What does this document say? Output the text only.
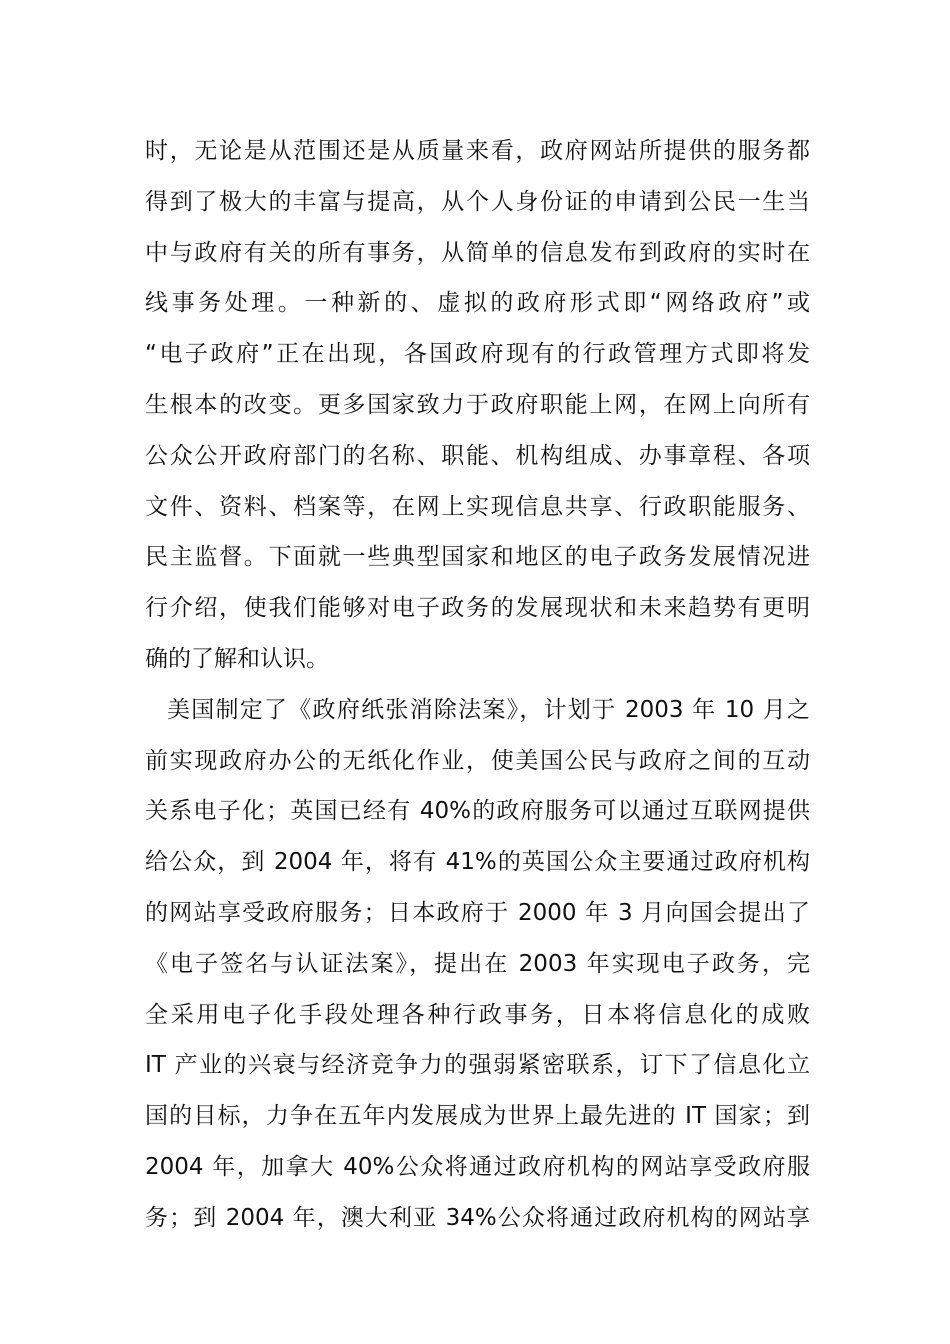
时，无论是从范围还是从质量来看，政府网站所提供的服务都
得到了极大的丰富与提高，从个人身份证的申请到公民一生当
中与政府有关的所有事务，从简单的信息发布到政府的实时在
线事务处理。一种新的、虚拟的政府形式即“网络政府”或
“电子政府”正在出现，各国政府现有的行政管理方式即将发
生根本的改变。更多国家致力于政府职能上网，在网上向所有
公众公开政府部门的名称、职能、机构组成、办事章程、各项
文件、资料、档案等，在网上实现信息共享、行政职能服务、
民主监督。下面就一些典型国家和地区的电子政务发展情况进
行介绍，使我们能够对电子政务的发展现状和未来趋势有更明
确的了解和认识。
美国制定了《政府纸张消除法案》，计划于 2003 年 10 月之
前实现政府办公的无纸化作业，使美国公民与政府之间的互动
关系电子化；英国已经有 40%的政府服务可以通过互联网提供
给公众，到 2004 年，将有 41%的英国公众主要通过政府机构
的网站享受政府服务；日本政府于 2000 年 3 月向国会提出了
《电子签名与认证法案》，提出在 2003 年实现电子政务，完
全采用电子化手段处理各种行政事务，日本将信息化的成败
IT 产业的兴衰与经济竞争力的强弱紧密联系，订下了信息化立
国的目标，力争在五年内发展成为世界上最先进的 IT 国家；到
2004 年，加拿大 40%公众将通过政府机构的网站享受政府服
务；到 2004 年，澳大利亚 34%公众将通过政府机构的网站享
